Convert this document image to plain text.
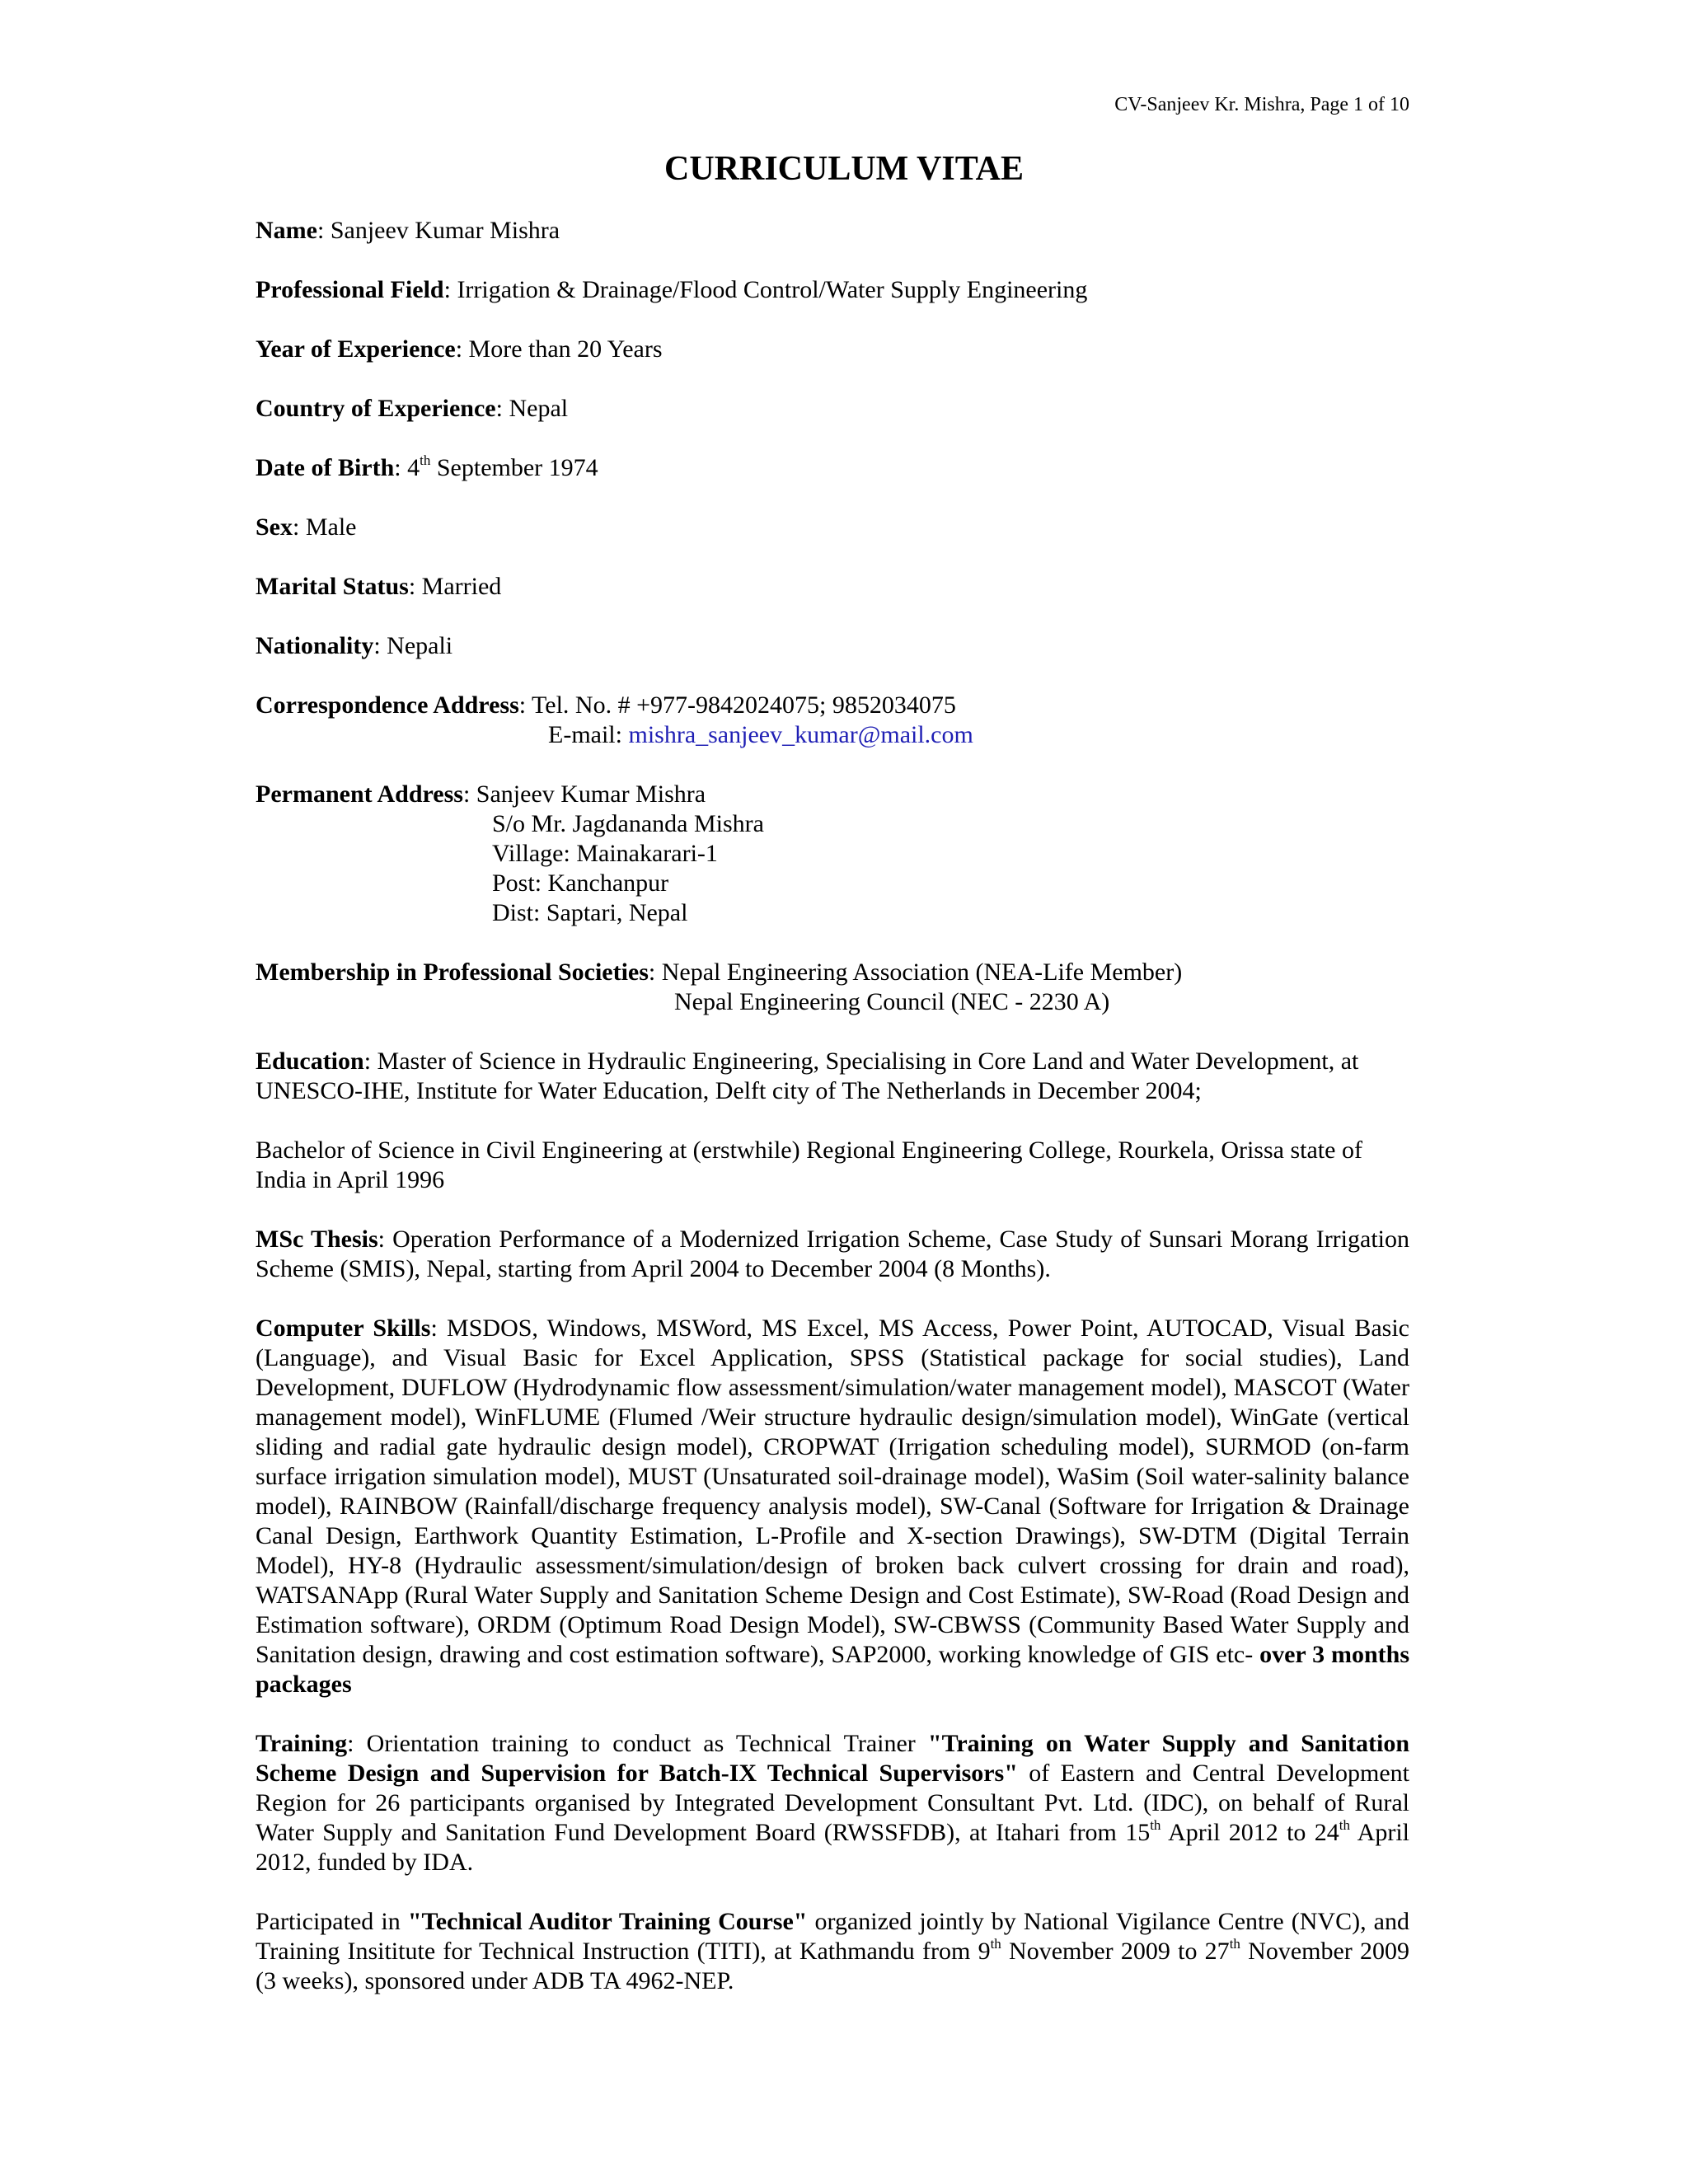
CV-Sanjeev Kr. Mishra, Page 1 of 10
CURRICULUM VITAE
Name: Sanjeev Kumar Mishra
Professional Field: Irrigation & Drainage/Flood Control/Water Supply Engineering
Year of Experience: More than 20 Years
Country of Experience: Nepal
Date of Birth: 4th September 1974
Sex: Male
Marital Status: Married
Nationality: Nepali
Correspondence Address: Tel. No. # +977-9842024075; 9852034075
E-mail: mishra_sanjeev_kumar@mail.com
Permanent Address: Sanjeev Kumar Mishra
S/o Mr. Jagdananda Mishra
Village: Mainakarari-1
Post: Kanchanpur
Dist: Saptari, Nepal
Membership in Professional Societies: Nepal Engineering Association (NEA-Life Member)
Nepal Engineering Council (NEC - 2230 A)
Education: Master of Science in Hydraulic Engineering, Specialising in Core Land and Water Development, at UNESCO-IHE, Institute for Water Education, Delft city of The Netherlands in December 2004;
Bachelor of Science in Civil Engineering at (erstwhile) Regional Engineering College, Rourkela, Orissa state of India in April 1996
MSc Thesis: Operation Performance of a Modernized Irrigation Scheme, Case Study of Sunsari Morang Irrigation Scheme (SMIS), Nepal, starting from April 2004 to December 2004 (8 Months).
Computer Skills: MSDOS, Windows, MSWord, MS Excel, MS Access, Power Point, AUTOCAD, Visual Basic (Language), and Visual Basic for Excel Application, SPSS (Statistical package for social studies), Land Development, DUFLOW (Hydrodynamic flow assessment/simulation/water management model), MASCOT (Water management model), WinFLUME (Flumed /Weir structure hydraulic design/simulation model), WinGate (vertical sliding and radial gate hydraulic design model), CROPWAT (Irrigation scheduling model), SURMOD (on-farm surface irrigation simulation model), MUST (Unsaturated soil-drainage model), WaSim (Soil water-salinity balance model), RAINBOW (Rainfall/discharge frequency analysis model), SW-Canal (Software for Irrigation & Drainage Canal Design, Earthwork Quantity Estimation, L-Profile and X-section Drawings), SW-DTM (Digital Terrain Model), HY-8 (Hydraulic assessment/simulation/design of broken back culvert crossing for drain and road), WATSANApp (Rural Water Supply and Sanitation Scheme Design and Cost Estimate), SW-Road (Road Design and Estimation software), ORDM (Optimum Road Design Model), SW-CBWSS (Community Based Water Supply and Sanitation design, drawing and cost estimation software), SAP2000, working knowledge of GIS etc- over 3 months packages
Training: Orientation training to conduct as Technical Trainer "Training on Water Supply and Sanitation Scheme Design and Supervision for Batch-IX Technical Supervisors" of Eastern and Central Development Region for 26 participants organised by Integrated Development Consultant Pvt. Ltd. (IDC), on behalf of Rural Water Supply and Sanitation Fund Development Board (RWSSFDB), at Itahari from 15th April 2012 to 24th April 2012, funded by IDA.
Participated in "Technical Auditor Training Course" organized jointly by National Vigilance Centre (NVC), and Training Insititute for Technical Instruction (TITI), at Kathmandu from 9th November 2009 to 27th November 2009 (3 weeks), sponsored under ADB TA 4962-NEP.
